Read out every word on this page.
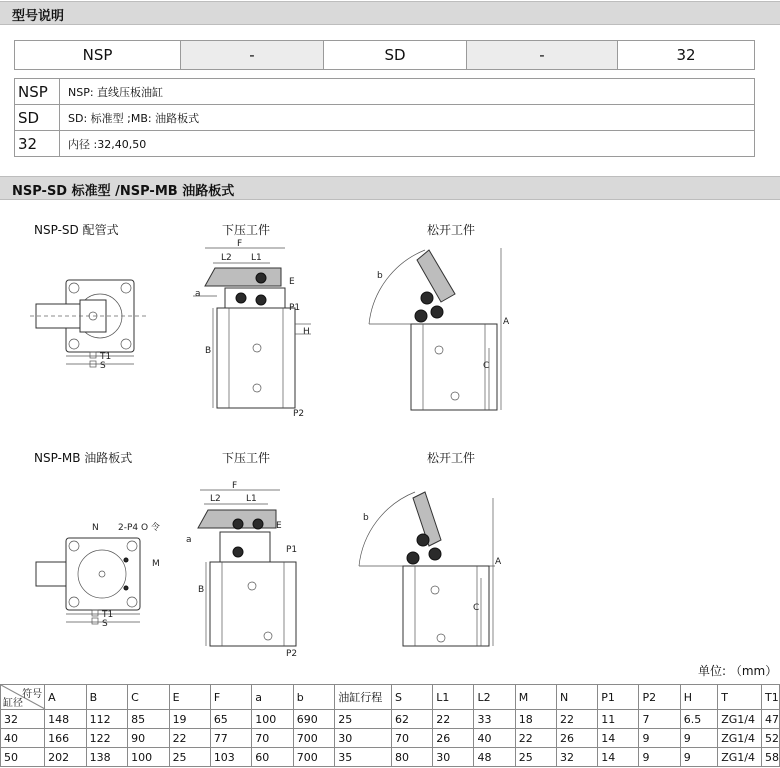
型号说明
NSP	-	SD	-	32
NSP	NSP: 直线压板油缸
SD	SD: 标准型 ;MB: 油路板式
32	内径 :32,40,50
NSP-SD 标准型 /NSP-MB 油路板式
NSP-SD 配管式	下压工件	松开工件
NSP-MB 油路板式	下压工件	松开工件
T1
S
F
L2 L1
B
a
E
P1
H
P2
b
A
C
N 2-P4 O 令
M
T1
S
F
L2	L1
B
a
E
P1
P2
b
A
C
单位: （mm）
符号
缸径	A	B	C	E	F	a	b	油缸行程	S	L1	L2	M	N	P1	P2	H	T	T1
32	148	112	85	19	65	100	690	25	62	22	33	18	22	11	7	6.5	ZG1/4	47
40	166	122	90	22	77	70	700	30	70	26	40	22	26	14	9	9	ZG1/4	52
50	202	138	100	25	103	60	700	35	80	30	48	25	32	14	9	9	ZG1/4	58
